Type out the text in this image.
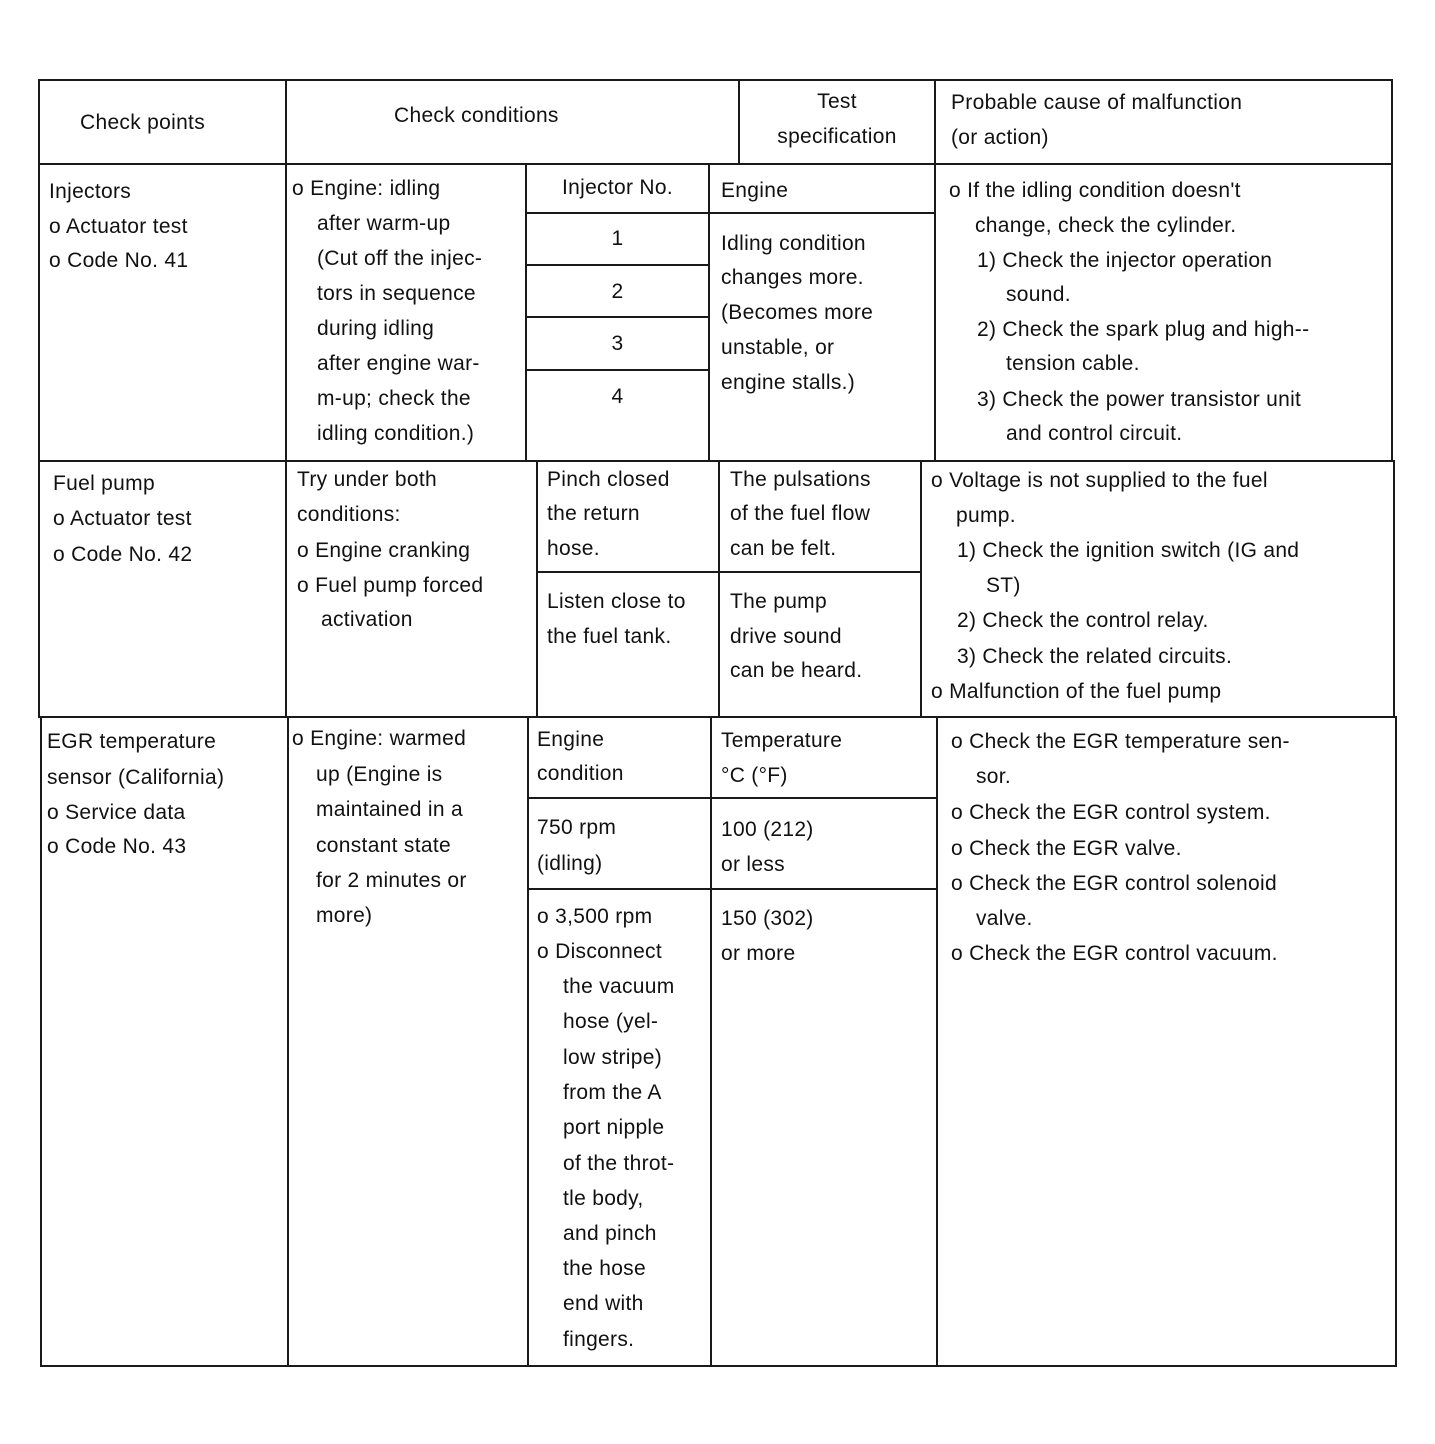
Check points	Check conditions
Test
specification
Probable cause of malfunction
(or action)
Injectors
o Actuator test
o Code No. 41
o Engine: idling
after warm-up
(Cut off the injec-
tors in sequence
during idling
after engine war-
m-up; check the
idling condition.)
Injector No.
1
2
3
4
Engine
Idling condition
changes more.
(Becomes more
unstable, or
engine stalls.)
o If the idling condition doesn't
change, check the cylinder.
1) Check the injector operation
sound.
2) Check the spark plug and high--
tension cable.
3) Check the power transistor unit
and control circuit.
Fuel pump
o Actuator test
o Code No. 42
Try under both
conditions:
o Engine cranking
o Fuel pump forced
activation
Pinch closed
the return
hose.
The pulsations
of the fuel flow
can be felt.
Listen close to
the fuel tank.
The pump
drive sound
can be heard.
o Voltage is not supplied to the fuel
pump.
1) Check the ignition switch (IG and
ST)
2) Check the control relay.
3) Check the related circuits.
o Malfunction of the fuel pump
EGR temperature
sensor (California)
o Service data
o Code No. 43
o Engine: warmed
up (Engine is
maintained in a
constant state
for 2 minutes or
more)
Engine
condition
Temperature
°C (°F)
750 rpm
(idling)
100 (212)
or less
o 3,500 rpm
o Disconnect
the vacuum
hose (yel-
low stripe)
from the A
port nipple
of the throt-
tle body,
and pinch
the hose
end with
fingers.
150 (302)
or more
o Check the EGR temperature sen-
sor.
o Check the EGR control system.
o Check the EGR valve.
o Check the EGR control solenoid
valve.
o Check the EGR control vacuum.
